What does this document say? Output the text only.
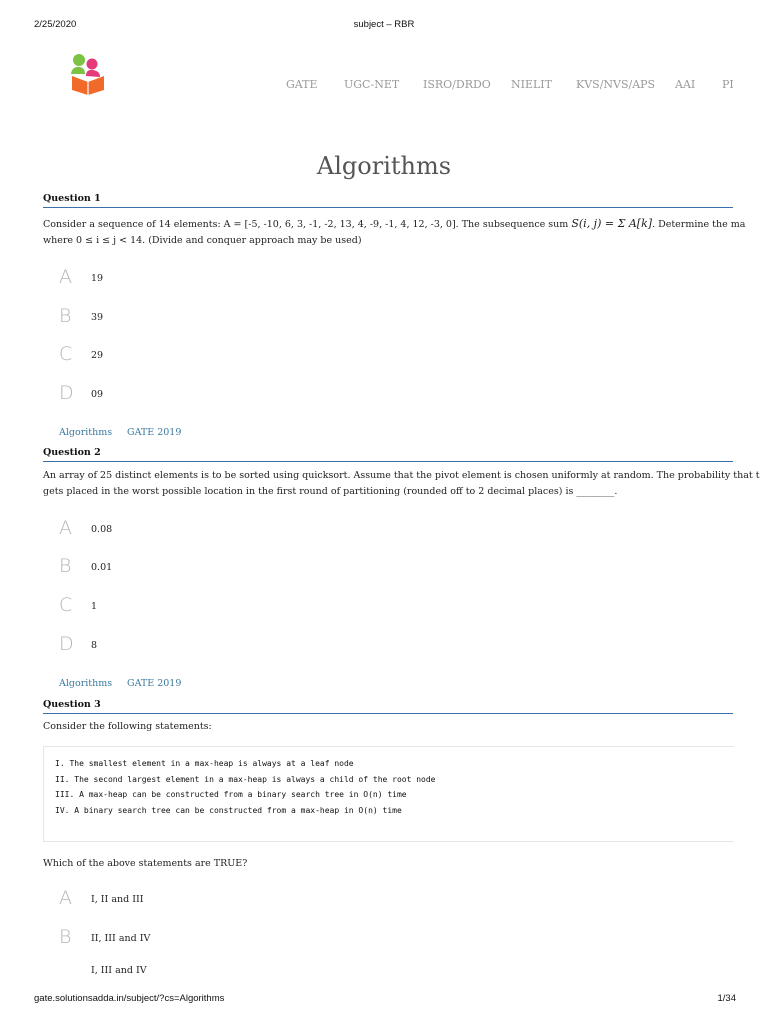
2/25/2020	subject – RBR
GATE UGC-NET ISRO/DRDO NIELIT KVS/NVS/APS AAI PI
Algorithms
Question 1
Consider a sequence of 14 elements: A = [-5, -10, 6, 3, -1, -2, 13, 4, -9, -1, 4, 12, -3, 0]. The subsequence sum S(i, j) = Σ A[k]. Determine the ma
where 0 ≤ i ≤ j < 14. (Divide and conquer approach may be used)
A	19
B	39
C	29
D	09
Algorithms GATE 2019
Question 2
An array of 25 distinct elements is to be sorted using quicksort. Assume that the pivot element is chosen uniformly at random. The probability that t
gets placed in the worst possible location in the first round of partitioning (rounded off to 2 decimal places) is ________.
A	0.08
B	0.01
C	1
D	8
Algorithms GATE 2019
Question 3
Consider the following statements:
I. The smallest element in a max-heap is always at a leaf node
II. The second largest element in a max-heap is always a child of the root node
III. A max-heap can be constructed from a binary search tree in O(n) time
IV. A binary search tree can be constructed from a max-heap in O(n) time
Which of the above statements are TRUE?
A	I, II and III
B	II, III and IV
I, III and IV
gate.solutionsadda.in/subject/?cs=Algorithms	1/34
